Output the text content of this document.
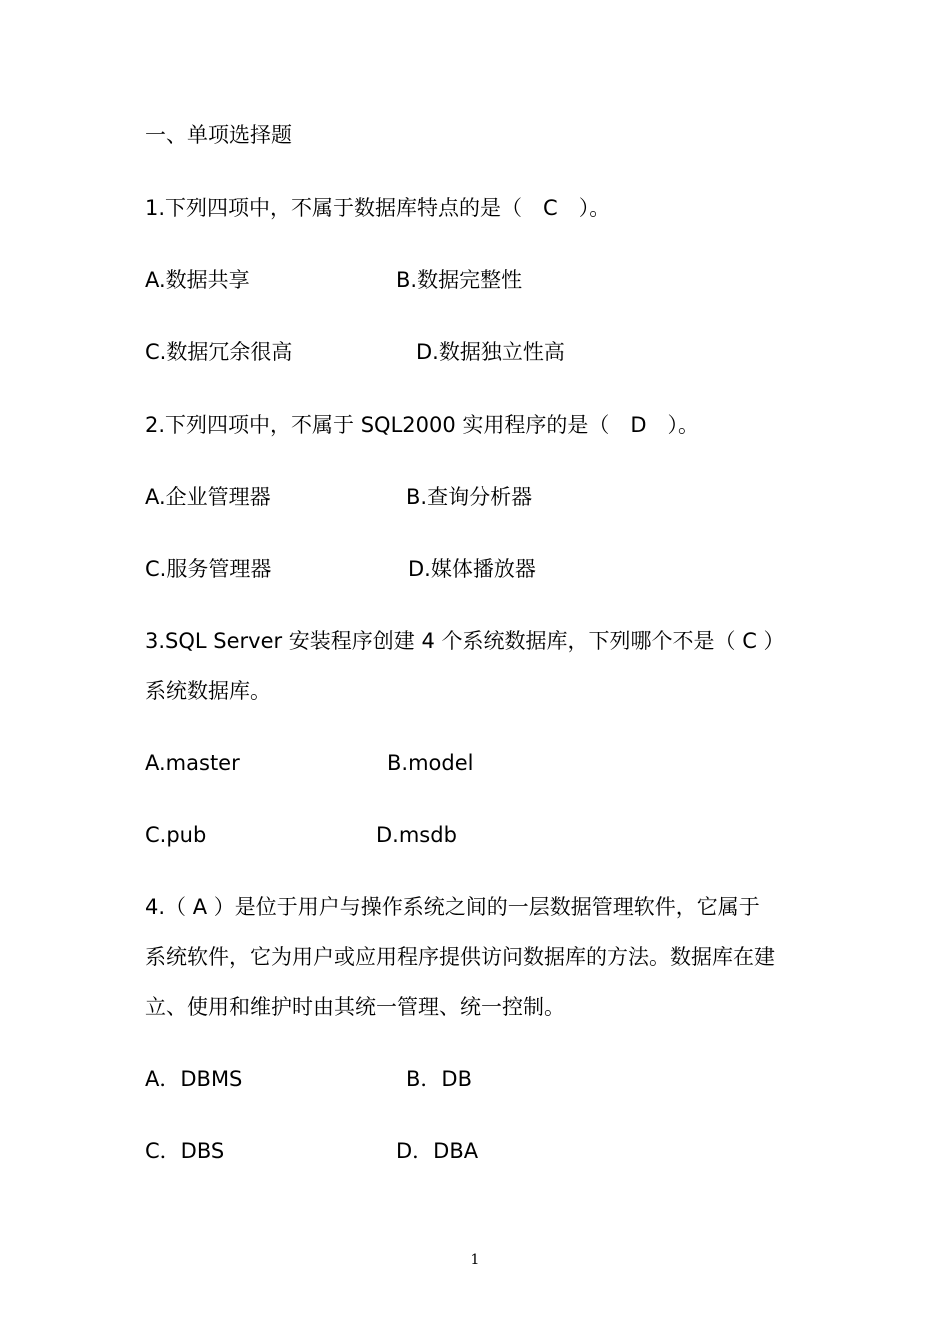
一、单项选择题
1.下列四项中，不属于数据库特点的是（　C　）。
A.数据共享	B.数据完整性
C.数据冗余很高	D.数据独立性高
2.下列四项中，不属于 SQL2000 实用程序的是（　D　）。
A.企业管理器	B.查询分析器
C.服务管理器	D.媒体播放器
3.SQL Server 安装程序创建 4 个系统数据库，下列哪个不是（ C ）
系统数据库。
A.master	B.model
C.pub	D.msdb
4.（ A ）是位于用户与操作系统之间的一层数据管理软件，它属于
系统软件，它为用户或应用程序提供访问数据库的方法。数据库在建
立、使用和维护时由其统一管理、统一控制。
A．DBMS	B．DB
C．DBS	D．DBA
1
